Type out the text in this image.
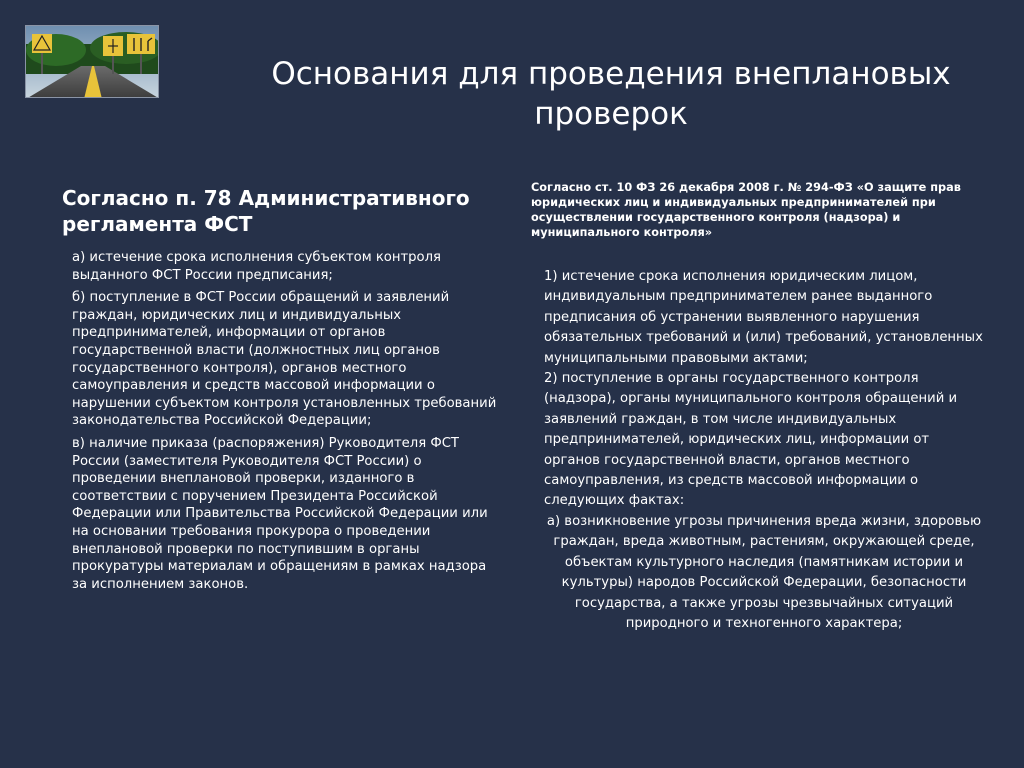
Основания для проведения внеплановых проверок
Согласно п. 78 Административного регламента ФСТ

а) истечение срока исполнения субъектом контроля выданного ФСТ России предписания;

б) поступление в ФСТ России обращений и заявлений граждан, юридических лиц и индивидуальных предпринимателей, информации от органов государственной власти (должностных лиц органов государственного контроля), органов местного самоуправления и средств массовой информации о нарушении субъектом контроля установленных требований законодательства Российской Федерации;

в) наличие приказа (распоряжения) Руководителя ФСТ России (заместителя Руководителя ФСТ России) о проведении внеплановой проверки, изданного в соответствии с поручением Президента Российской Федерации или Правительства Российской Федерации или на основании требования прокурора о проведении внеплановой проверки по поступившим в органы прокуратуры материалам и обращениям в рамках надзора за исполнением законов.

Согласно ст. 10 ФЗ 26 декабря 2008 г. № 294-ФЗ «О защите прав юридических лиц и индивидуальных предпринимателей при осуществлении государственного контроля (надзора) и муниципального контроля»

1) истечение срока исполнения юридическим лицом, индивидуальным предпринимателем ранее выданного предписания об устранении выявленного нарушения обязательных требований и (или) требований, установленных муниципальными правовыми актами;

2) поступление в органы государственного контроля (надзора), органы муниципального контроля обращений и заявлений граждан, в том числе индивидуальных предпринимателей, юридических лиц, информации от органов государственной власти, органов местного самоуправления, из средств массовой информации о следующих фактах:

а) возникновение угрозы причинения вреда жизни, здоровью граждан, вреда животным, растениям, окружающей среде, объектам культурного наследия (памятникам истории и культуры) народов Российской Федерации, безопасности государства, а также угрозы чрезвычайных ситуаций природного и техногенного характера;
